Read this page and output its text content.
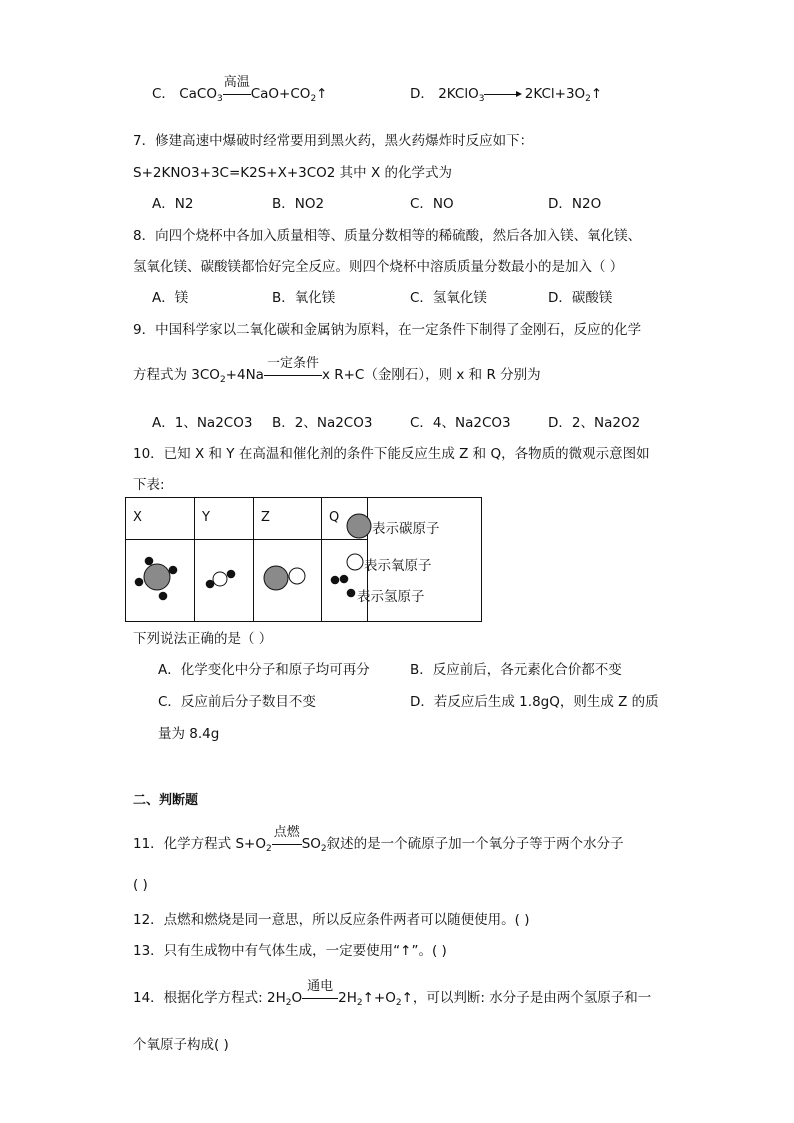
C． CaCO$_3$
高温
$CaO+CO_2↑$	D． 2KClO$_3$	$2KCl+3O_2↑$
7．修建高速中爆破时经常要用到黑火药，黑火药爆炸时反应如下：
S+2KNO3+3C=K2S+X+3CO2 其中 X 的化学式为
A．N2	B．NO2	C．NO	D．N2O
8．向四个烧杯中各加入质量相等、质量分数相等的稀硫酸，然后各加入镁、氧化镁、
氢氧化镁、碳酸镁都恰好完全反应。则四个烧杯中溶质质量分数最小的是加入（ ）
A．镁	B．氧化镁	C．氢氧化镁	D．碳酸镁
9．中国科学家以二氧化碳和金属钠为原料，在一定条件下制得了金刚石，反应的化学
方程式为 $3CO_2+4Na$
一定条件
x R+C（金刚石），则 x 和 R 分别为
A．1、Na2CO3 B．2、Na2CO3	C．4、Na2CO3	D．2、Na2O2
10．已知 X 和 Y 在高温和催化剂的条件下能反应生成 Z 和 Q，各物质的微观示意图如
下表:
X	Y	Z	Q	

表示碳原子
表示氧原子
表示氢原子
下列说法正确的是（ ）
A．化学变化中分子和原子均可再分	B．反应前后，各元素化合价都不变
C．反应前后分子数目不变	D．若反应后生成 1.8gQ，则生成 Z 的质
量为 8.4g
二、判断题
11．化学方程式 $S+O_2$
点燃
$SO_2$叙述的是一个硫原子加一个氧分子等于两个水分子
( )
12．点燃和燃烧是同一意思，所以反应条件两者可以随便使用。( )
13．只有生成物中有气体生成，一定要使用“↑”。( )
14．根据化学方程式: $2H_2O$
通电
$2H_2↑+O_2↑$，可以判断: 水分子是由两个氢原子和一
个氧原子构成( )
